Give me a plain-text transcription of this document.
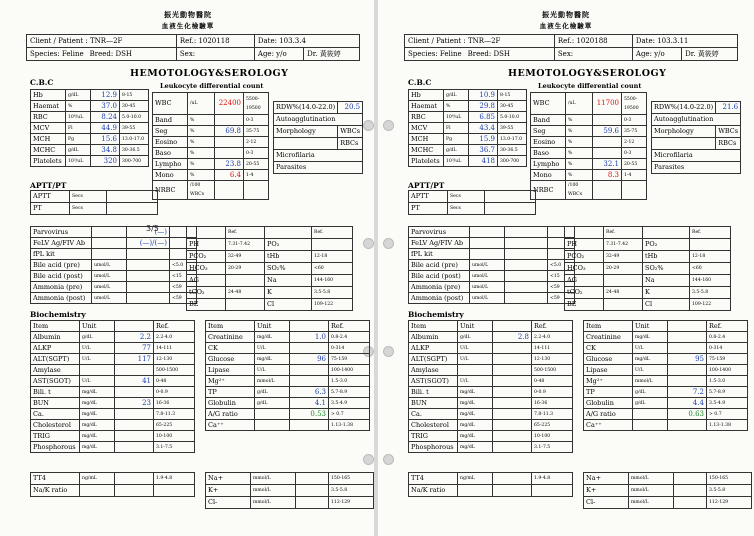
振光動物醫院
血液生化檢驗單
Client / Patient : TNR—2F	Ref.: 1020118	Date: 103.3.4	
Species: Feline Breed: DSH	Sex:	Age: y/o	Dr. 黃筱婷
HEMOTOLOGY&SEROLOGY
C.B.C	Leukocyte differential count
Hb	g/dL	12.9	8-15
Haemat	%	37.0	30-45
RBC	10⁶/uL	8.24	5.0-10.0
MCV	Fl	44.9	39-55
MCH	Pg	15.6	13.0-17.0
MCHC	g/dL	34.8	30-36.5
Platelets	10³/uL	320	300-700
WBC	/uL	22400	5500-
19500

Band	%		0-3
Seg	%	69.8	35-75
Eosino	%		2-12
Baso	%		0-3
Lympho	%	23.8	20-55
Mono	%	6.4	1-4
NRBC	/100
WBCs		

RDW%(14.0-22.0)	20.5
Autoagglutination	
Morphology	WBCs
	RBCs
Microfilaria	
Parasites	
APTT/PT
APTT	Secs	
PT	Secs	
Parvovirus		(—)	
FeLV Ag/FIV Ab		(—)/(—)	
fPL kit			
Bile acid (pre)	umol/L		<5.0
Bile acid (post)	umol/L		<15
Ammonia (pre)	umol/L		<59
Ammonia (post)	umol/L		<59
3/5
		Ref.		Ref.
PH	7.31-7.42	PO₂	
PCO₂	32-49	tHb	12-18
HCO₃	20-29	SO₂%	<60
AG		Na	144-160
tCO₂	24-48	K	3.5-5.8
BE		Cl	109-122
Biochemistry
Item	Unit		Ref.
Albumin	g/dL	2.2	2.2-4.0
ALKP	U/L	77	14-111
ALT(SGPT)	U/L	117	12-130
Amylase			500-1500
AST(SGOT)	U/L	41	0-48
Bili. t	mg/dL		0-0.9
BUN	mg/dL	23	16-36
Ca.	mg/dL		7.8-11.3
Cholesterol	mg/dL		65-225
TRIG	mg/dL		10-100
Phosphorous	mg/dL		3.1-7.5
Item	Unit		Ref.
Creatinine	mg/dL	1.0	0.8-2.4
CK	U/L		0-314
Glucose	mg/dL	96	75-159
Lipase	U/L		100-1400
Mg²⁺	mmol/L		1.5-3.0
TP	g/dL	6.3	5.7-8.9
Globulin	g/dL	4.1	3.5-4.9
A/G ratio		0.53	> 0.7
Ca⁺⁺			1.13-1.38
TT4	ng/mL		1.9-4.8
Na/K ratio			
Na+	mmol/L		150-165
K+	mmol/L		3.5-5.8
Cl-	mmol/L		112-129
振光動物醫院
血液生化檢驗單
Client / Patient : TNR—2F	Ref.: 1020188	Date: 103.3.11	
Species: Feline Breed: DSH	Sex:	Age: y/o	Dr. 黃筱婷
HEMOTOLOGY&SEROLOGY
C.B.C	Leukocyte differential count
Hb	g/dL	10.9	8-15
Haemat	%	29.8	30-45
RBC	10⁶/uL	6.85	5.0-10.0
MCV	Fl	43.4	39-55
MCH	Pg	15.9	13.0-17.0
MCHC	g/dL	36.7	30-36.5
Platelets	10³/uL	418	300-700
WBC	/uL	11700	5500-
19500

Band	%		0-3
Seg	%	59.6	35-75
Eosino	%		2-12
Baso	%		0-3
Lympho	%	32.1	20-55
Mono	%	8.3	1-4
NRBC	/100
WBCs		

RDW%(14.0-22.0)	21.6
Autoagglutination	
Morphology	WBCs
	RBCs
Microfilaria	
Parasites	
APTT/PT
APTT	Secs	
PT	Secs	
Parvovirus			
FeLV Ag/FIV Ab			
fPL kit			
Bile acid (pre)	umol/L		<5.0
Bile acid (post)	umol/L		<15
Ammonia (pre)	umol/L		<59
Ammonia (post)	umol/L		<59
	Ref.		Ref.
PH	7.31-7.42	PO₂	
PCO₂	32-49	tHb	12-18
HCO₃	20-29	SO₂%	<60
AG		Na	144-160
tCO₂	24-48	K	3.5-5.8
BE		Cl	109-122
Biochemistry
Item	Unit		Ref.
Albumin	g/dL	2.8	2.2-4.0
ALKP	U/L		14-111
ALT(SGPT)	U/L		12-130
Amylase			500-1500
AST(SGOT)	U/L		0-48
Bili. t	mg/dL		0-0.9
BUN	mg/dL		16-36
Ca.	mg/dL		7.8-11.3
Cholesterol	mg/dL		65-225
TRIG	mg/dL		10-100
Phosphorous	mg/dL		3.1-7.5
Item	Unit		Ref.
Creatinine	mg/dL		0.8-2.4
CK	U/L		0-314
Glucose	mg/dL	95	75-159
Lipase	U/L		100-1400
Mg²⁺	mmol/L		1.5-3.0
TP	g/dL	7.2	5.7-8.9
Globulin	g/dL	4.4	3.5-4.9
A/G ratio		0.63	> 0.7
Ca⁺⁺			1.13-1.38
TT4	ng/mL		1.9-4.8
Na/K ratio			
Na+	mmol/L		150-165
K+	mmol/L		3.5-5.8
Cl-	mmol/L		112-129
